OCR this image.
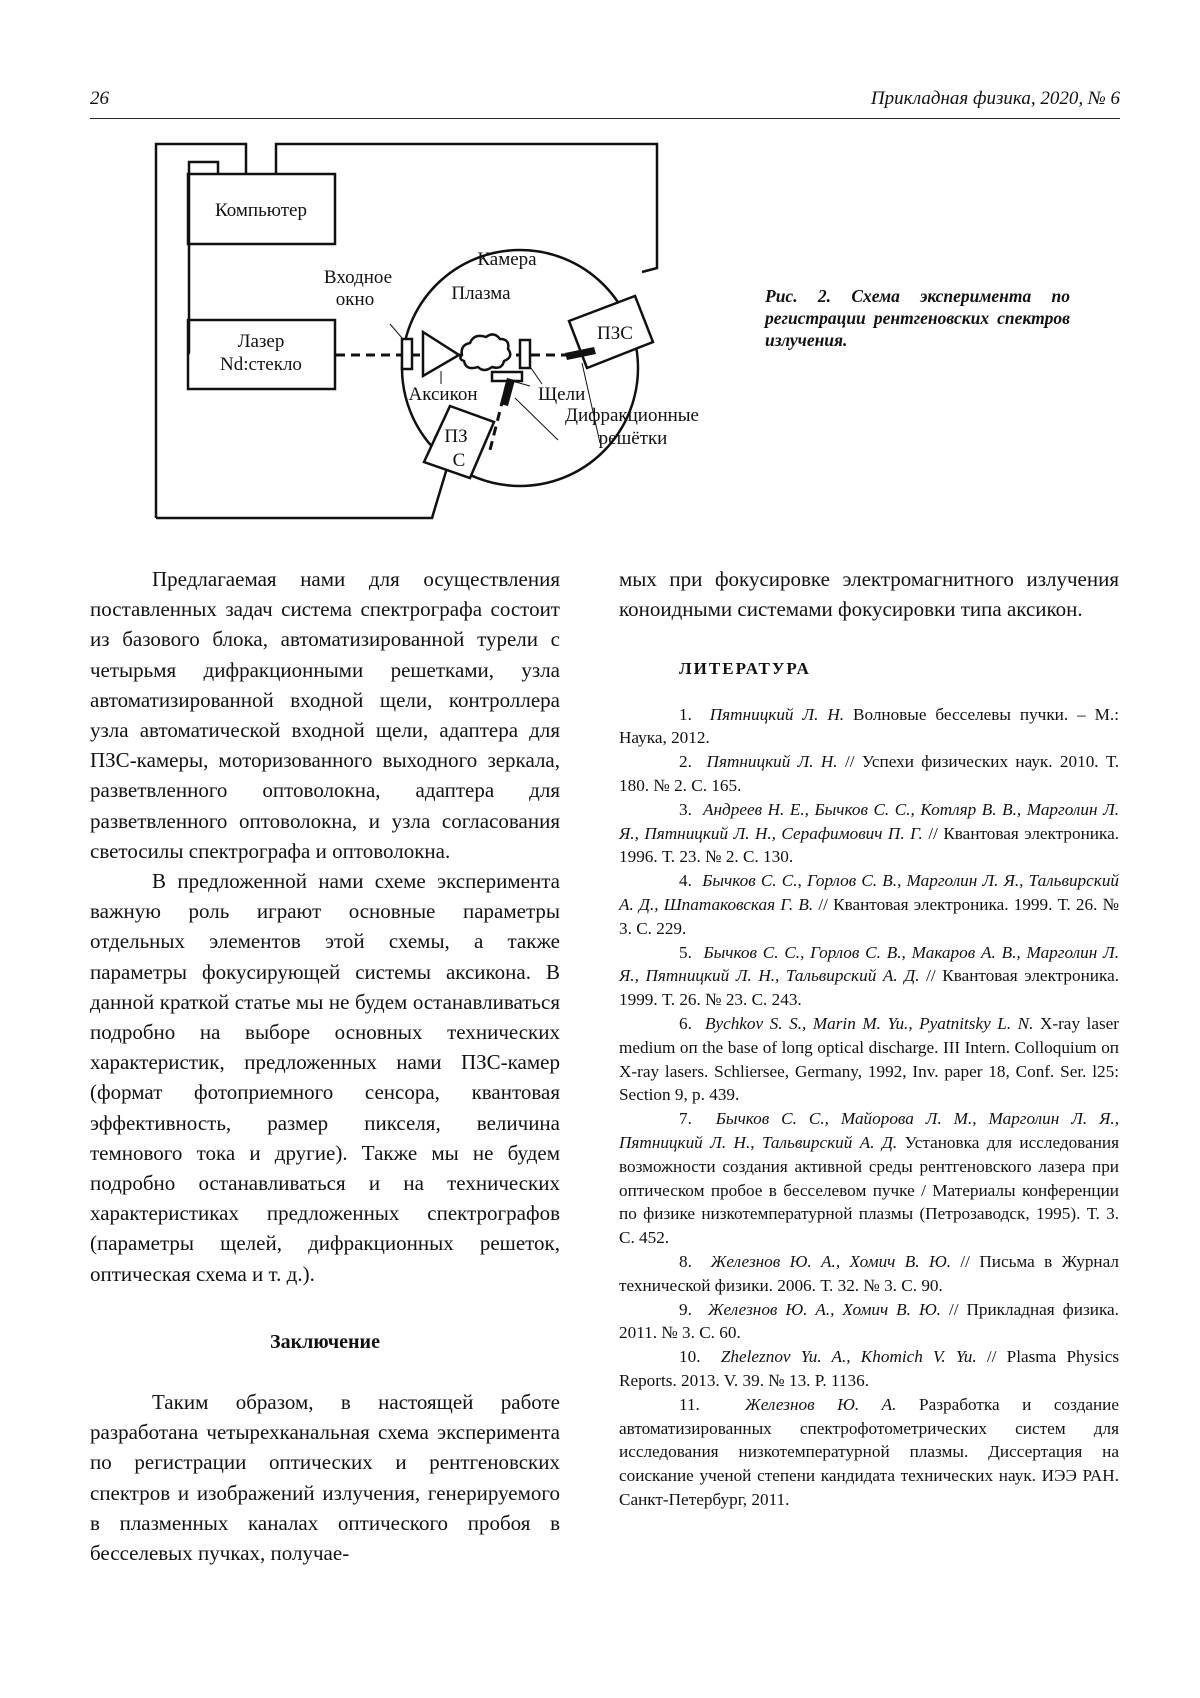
26	Прикладная физика, 2020, № 6
Компьютер
Лазер
Nd:стекло
Камера
Входное
окно	Плазма
Аксикон	Щели
ПЗС
ПЗ
С
Дифракционные
решётки
Рис. 2. Схема эксперимента по регистрации рентгеновских спектров излучения.

Предлагаемая нами для осуществления поставленных задач система спектрографа состоит из базового блока, автоматизированной турели с четырьмя дифракционными решетками, узла автоматизированной входной щели, контроллера узла автоматической входной щели, адаптера для ПЗС-камеры, моторизованного выходного зеркала, разветвленного оптоволокна, адаптера для разветвленного оптоволокна, и узла согласования светосилы спектрографа и оптоволокна.

В предложенной нами схеме эксперимента важную роль играют основные параметры отдельных элементов этой схемы, а также параметры фокусирующей системы аксикона. В данной краткой статье мы не будем останавливаться подробно на выборе основных технических характеристик, предложенных нами ПЗС-камер (формат фотоприемного сенсора, квантовая эффективность, размер пикселя, величина темнового тока и другие). Также мы не будем подробно останавливаться и на технических характеристиках предложенных спектрографов (параметры щелей, дифракционных решеток, оптическая схема и т. д.).

Заключение

Таким образом, в настоящей работе разработана четырехканальная схема эксперимента по регистрации оптических и рентгеновских спектров и изображений излучения, генерируемого в плазменных каналах оптического пробоя в бесселевых пучках, получае-

мых при фокусировке электромагнитного излучения коноидными системами фокусировки типа аксикон.

ЛИТЕРАТУРА

1.  Пятницкий Л. Н. Волновые бесселевы пучки. – М.: Наука, 2012.

2.  Пятницкий Л. Н. // Успехи физических наук. 2010. Т. 180. № 2. С. 165.

3.  Андреев Н. Е., Бычков С. С., Котляр В. В., Марголин Л. Я., Пятницкий Л. Н., Серафимович П. Г. // Квантовая электроника. 1996. Т. 23. № 2. С. 130.

4.  Бычков С. С., Горлов С. В., Марголин Л. Я., Тальвирский А. Д., Шпатаковская Г. В. // Квантовая электроника. 1999. Т. 26. № 3. С. 229.

5.  Бычков С. С., Горлов С. В., Макаров А. В., Марголин Л. Я., Пятницкий Л. Н., Тальвирский А. Д. // Квантовая электроника. 1999. Т. 26. № 23. С. 243.

6.  Bychkov S. S., Marin M. Yu., Pyatnitsky L. N. X-ray laser medium оп the base of loпg optical discharge. III Intern. Colloquium оп X-ray lasers. Schliersee, Germany, 1992, Inv. paper 18, Conf. Ser. l25: Section 9, p. 439.

7.  Бычков С. С., Майорова Л. М., Марголин Л. Я., Пятницкий Л. Н., Тальвирский А. Д. Установка для исследования возможности создания активной среды рентгеновского лазера при оптическом пробое в бесселевом пучке / Материалы конференции по физике низкотемпературной плазмы (Петрозаводск, 1995). Т. 3. С. 452.

8.  Железнов Ю. А., Хомич В. Ю. // Письма в Журнал технической физики. 2006. Т. 32. № 3. С. 90.

9.  Железнов Ю. А., Хомич В. Ю. // Прикладная физика. 2011. № 3. С. 60.

10.  Zheleznov Yu. A., Khomich V. Yu. // Plasma Physics Reports. 2013. V. 39. № 13. P. 1136.

11.  Железнов Ю. А. Разработка и создание автоматизированных спектрофотометрических систем для исследования низкотемпературной плазмы. Диссертация на соискание ученой степени кандидата технических наук. ИЭЭ РАН. Санкт-Петербург, 2011.
